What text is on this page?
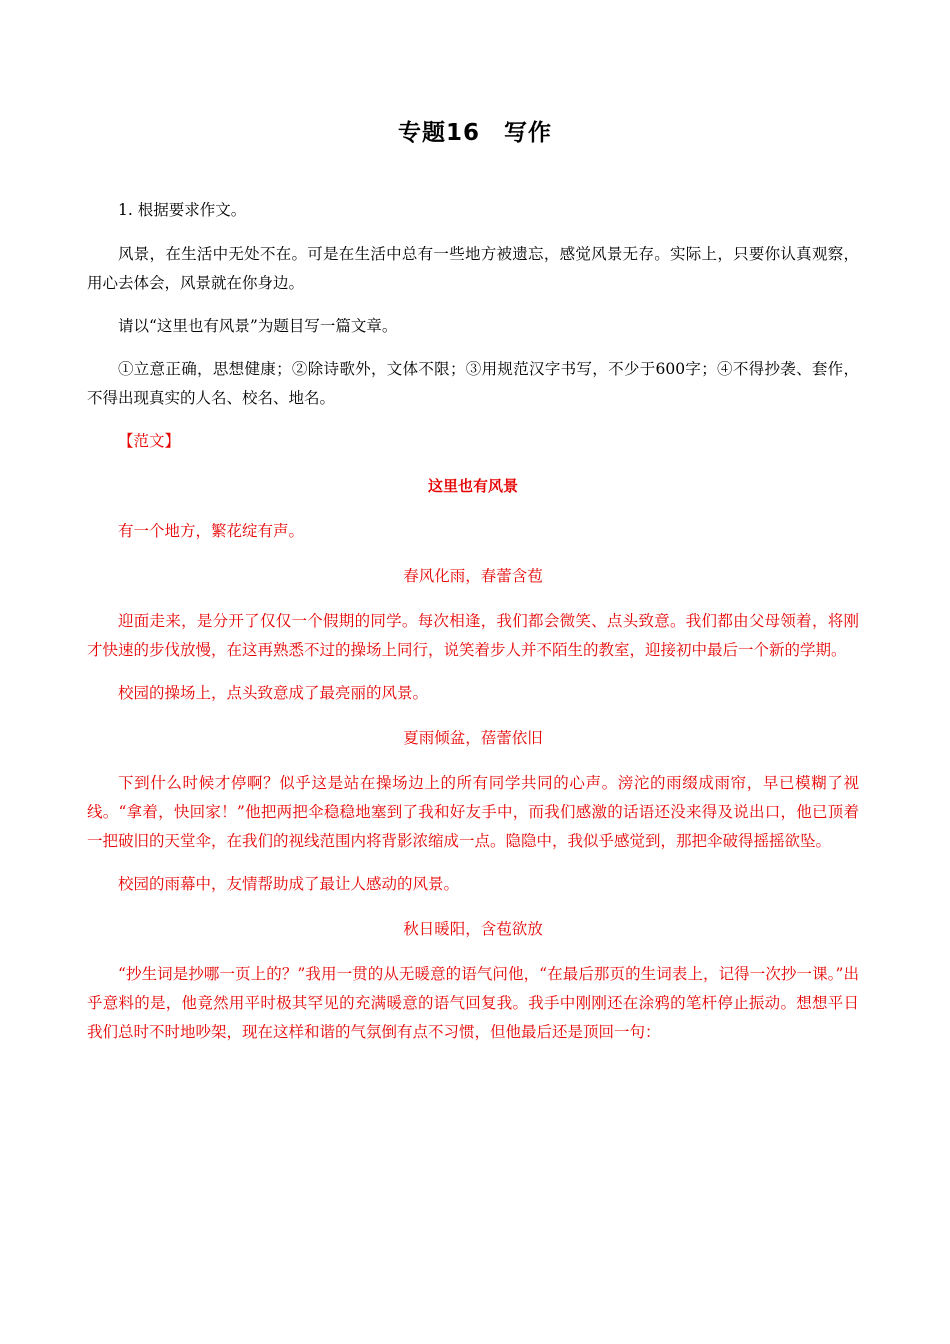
专题16　写作

1. 根据要求作文。

风景，在生活中无处不在。可是在生活中总有一些地方被遗忘，感觉风景无存。实际上，只要你认真观察，用心去体会，风景就在你身边。

请以“这里也有风景”为题目写一篇文章。

①立意正确，思想健康；②除诗歌外，文体不限；③用规范汉字书写，不少于600字；④不得抄袭、套作，不得出现真实的人名、校名、地名。

【范文】

这里也有风景

有一个地方，繁花绽有声。

春风化雨，春蕾含苞

迎面走来，是分开了仅仅一个假期的同学。每次相逢，我们都会微笑、点头致意。我们都由父母领着，将刚才快速的步伐放慢，在这再熟悉不过的操场上同行，说笑着步人并不陌生的教室，迎接初中最后一个新的学期。

校园的操场上，点头致意成了最亮丽的风景。

夏雨倾盆，蓓蕾依旧

下到什么时候才停啊？似乎这是站在操场边上的所有同学共同的心声。滂沱的雨缀成雨帘，早已模糊了视线。“拿着，快回家！”他把两把伞稳稳地塞到了我和好友手中，而我们感激的话语还没来得及说出口，他已顶着一把破旧的天堂伞，在我们的视线范围内将背影浓缩成一点。隐隐中，我似乎感觉到，那把伞破得摇摇欲坠。

校园的雨幕中，友情帮助成了最让人感动的风景。

秋日暖阳，含苞欲放

“抄生词是抄哪一页上的？”我用一贯的从无暖意的语气问他，“在最后那页的生词表上，记得一次抄一课。”出乎意料的是，他竟然用平时极其罕见的充满暖意的语气回复我。我手中刚刚还在涂鸦的笔杆停止振动。想想平日我们总时不时地吵架，现在这样和谐的气氛倒有点不习惯，但他最后还是顶回一句：
